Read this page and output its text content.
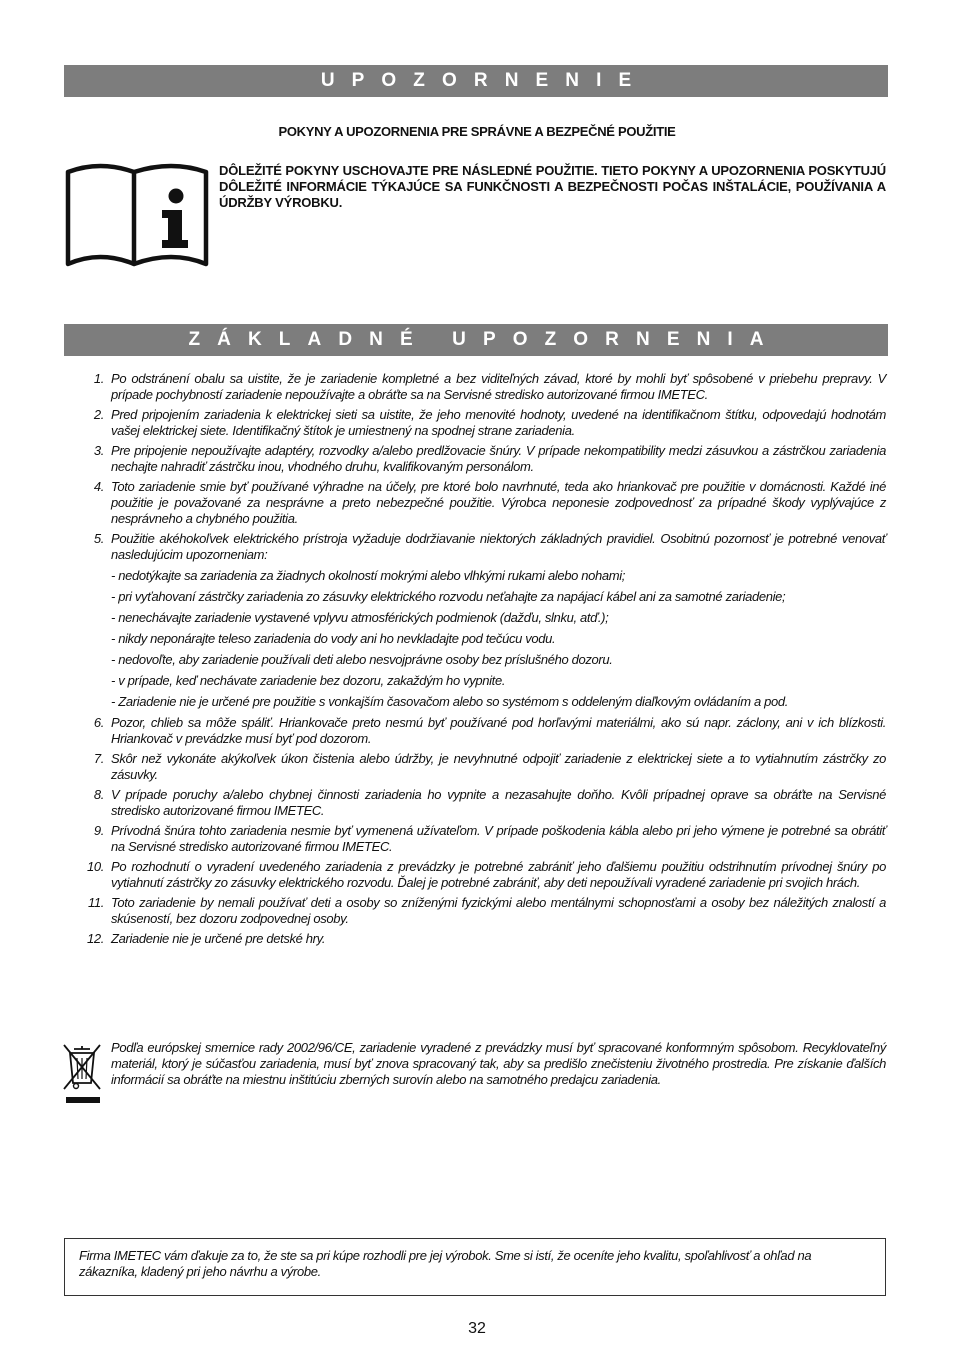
UPOZORNENIE
POKYNY A UPOZORNENIA PRE SPRÁVNE A BEZPEČNÉ POUŽITIE
DÔLEŽITÉ POKYNY USCHOVAJTE PRE NÁSLEDNÉ POUŽITIE. TIETO POKYNY A UPOZORNENIA POSKYTUJÚ DÔLEŽITÉ INFORMÁCIE TÝKAJÚCE SA FUNKČNOSTI A BEZPEČNOSTI POČAS INŠTALÁCIE, POUŽÍVANIA A ÚDRŽBY VÝROBKU.
ZÁKLADNÉ UPOZORNENIA
1. Po odstránení obalu sa uistite, že je zariadenie kompletné a bez viditeľných závad, ktoré by mohli byť spôsobené v priebehu prepravy. V prípade pochybností zariadenie nepoužívajte a obráťte sa na Servisné stredisko autorizované firmou IMETEC.
2. Pred pripojením zariadenia k elektrickej sieti sa uistite, že jeho menovité hodnoty, uvedené na identifikačnom štítku, odpovedajú hodnotám vašej elektrickej siete. Identifikačný štítok je umiestnený na spodnej strane zariadenia.
3. Pre pripojenie nepoužívajte adaptéry, rozvodky a/alebo predlžovacie šnúry. V prípade nekompatibility medzi zásuvkou a zástrčkou zariadenia nechajte nahradiť zástrčku inou, vhodného druhu, kvalifikovaným personálom.
4. Toto zariadenie smie byť používané výhradne na účely, pre ktoré bolo navrhnuté, teda ako hriankovač pre použitie v domácnosti. Každé iné použitie je považované za nesprávne a preto nebezpečné použitie. Výrobca neponesie zodpovednosť za prípadné škody vyplývajúce z nesprávneho a chybného použitia.
5. Použitie akéhokoľvek elektrického prístroja vyžaduje dodržiavanie niektorých základných pravidiel. Osobitnú pozornosť je potrebné venovať nasledujúcim upozorneniam:
- nedotýkajte sa zariadenia za žiadnych okolností mokrými alebo vlhkými rukami alebo nohami;
- pri vyťahovaní zástrčky zariadenia zo zásuvky elektrického rozvodu neťahajte za napájací kábel ani za samotné zariadenie;
- nenechávajte zariadenie vystavené vplyvu atmosférických podmienok (dažďu, slnku, atď.);
- nikdy neponárajte teleso zariadenia do vody ani ho nevkladajte pod tečúcu vodu.
- nedovoľte, aby zariadenie používali deti alebo nesvojprávne osoby bez príslušného dozoru.
- v prípade, keď nechávate zariadenie bez dozoru, zakaždým ho vypnite.
- Zariadenie nie je určené pre použitie s vonkajším časovačom alebo so systémom s oddeleným diaľkovým ovládaním a pod.
6. Pozor, chlieb sa môže spáliť. Hriankovače preto nesmú byť používané pod horľavými materiálmi, ako sú napr. záclony, ani v ich blízkosti. Hriankovač v prevádzke musí byť pod dozorom.
7. Skôr než vykonáte akýkoľvek úkon čistenia alebo údržby, je nevyhnutné odpojiť zariadenie z elektrickej siete a to vytiahnutím zástrčky zo zásuvky.
8. V prípade poruchy a/alebo chybnej činnosti zariadenia ho vypnite a nezasahujte doňho. Kvôli prípadnej oprave sa obráťte na Servisné stredisko autorizované firmou IMETEC.
9. Prívodná šnúra tohto zariadenia nesmie byť vymenená užívateľom. V prípade poškodenia kábla alebo pri jeho výmene je potrebné sa obrátiť na Servisné stredisko autorizované firmou IMETEC.
10. Po rozhodnutí o vyradení uvedeného zariadenia z prevádzky je potrebné zabrániť jeho ďalšiemu použitiu odstrihnutím prívodnej šnúry po vytiahnutí zástrčky zo zásuvky elektrického rozvodu. Ďalej je potrebné zabrániť, aby deti nepoužívali vyradené zariadenie pri svojich hrách.
11. Toto zariadenie by nemali používať deti a osoby so zníženými fyzickými alebo mentálnymi schopnosťami a osoby bez náležitých znalostí a skúseností, bez dozoru zodpovednej osoby.
12. Zariadenie nie je určené pre detské hry.
Podľa európskej smernice rady 2002/96/CE, zariadenie vyradené z prevádzky musí byť spracované konformným spôsobom. Recyklovateľný materiál, ktorý je súčasťou zariadenia, musí byť znova spracovaný tak, aby sa predišlo znečisteniu životného prostredia. Pre získanie ďalších informácií sa obráťte na miestnu inštitúciu zberných surovín alebo na samotného predajcu zariadenia.
Firma IMETEC vám ďakuje za to, že ste sa pri kúpe rozhodli pre jej výrobok. Sme si istí, že oceníte jeho kvalitu, spoľahlivosť a ohľad na zákazníka, kladený pri jeho návrhu a výrobe.
32
